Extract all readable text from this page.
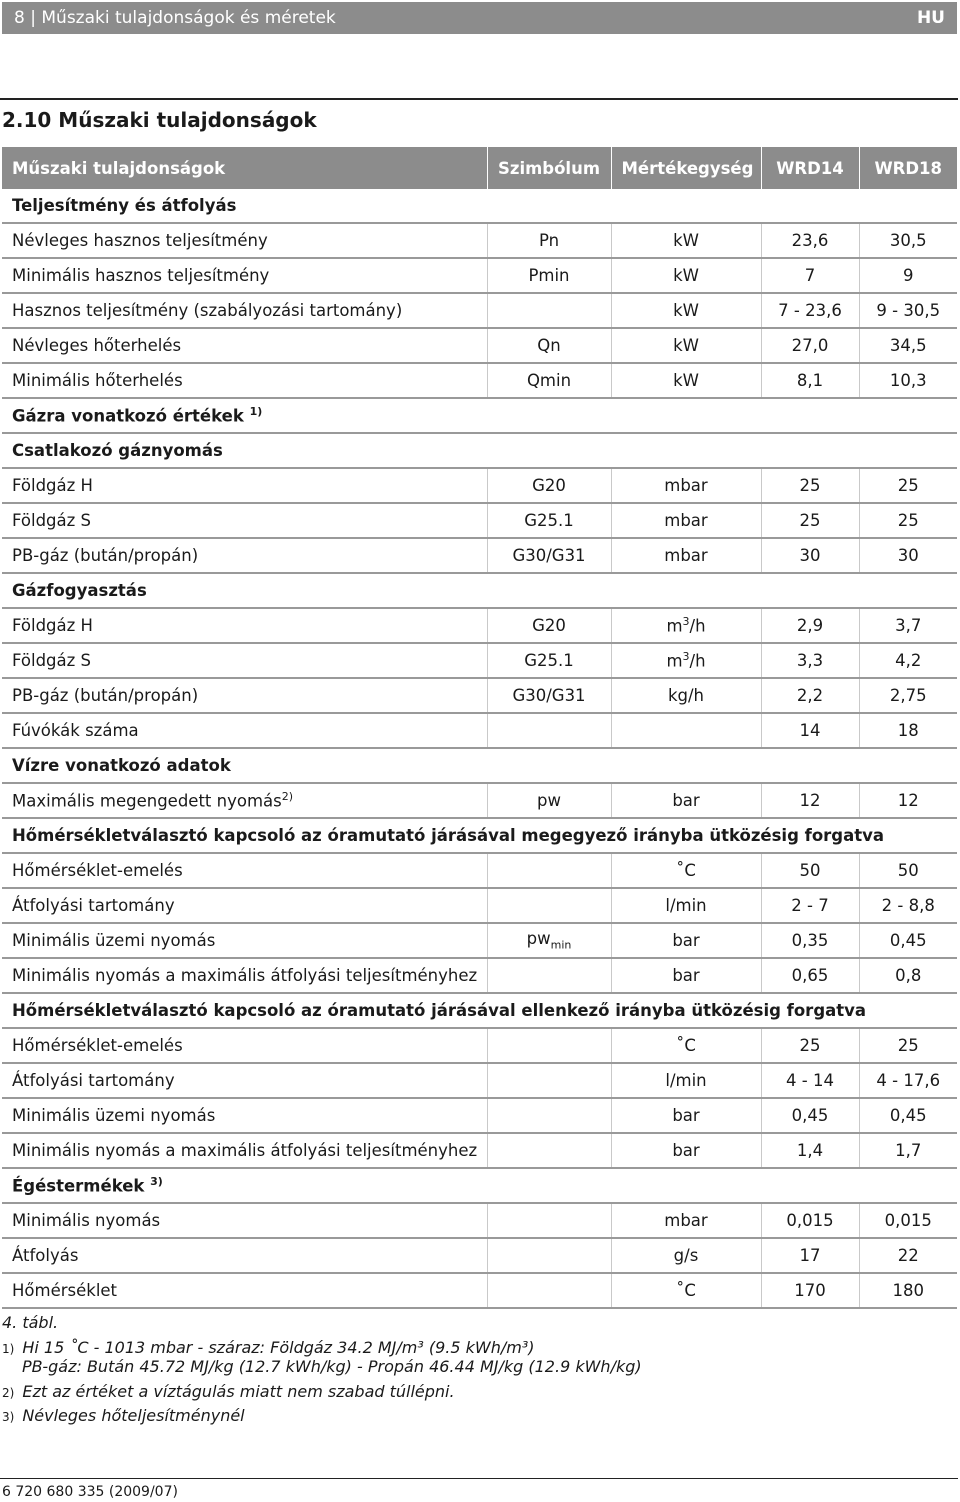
8 | Műszaki tulajdonságok és méretek	HU
2.10 Műszaki tulajdonságok
Műszaki tulajdonságok	Szimbólum	Mértékegység	WRD14	WRD18
Teljesítmény és átfolyás				
Névleges hasznos teljesítmény	Pn	kW	23,6	30,5
Minimális hasznos teljesítmény	Pmin	kW	7	9
Hasznos teljesítmény (szabályozási tartomány)		kW	7 - 23,6	9 - 30,5
Névleges hőterhelés	Qn	kW	27,0	34,5
Minimális hőterhelés	Qmin	kW	8,1	10,3
Gázra vonatkozó értékek $^{1)}$
Csatlakozó gáznyomás				
Földgáz H	G20	mbar	25	25
Földgáz S	G25.1	mbar	25	25
PB-gáz (bután/propán)	G30/G31	mbar	30	30
Gázfogyasztás				
Földgáz H	G20	$m^3/h$	2,9	3,7
Földgáz S	G25.1	$m^3/h$	3,3	4,2
PB-gáz (bután/propán)	G30/G31	kg/h	2,2	2,75
Fúvókák száma			14	18
Vízre vonatkozó adatok				
Maximális megengedett nyomás$^{2)}$	pw	bar	12	12
Hőmérsékletválasztó kapcsoló az óramutató járásával megegyező irányba ütközésig forgatva				
Hőmérséklet-emelés		˚C	50	50
Átfolyási tartomány		l/min	2 - 7	2 - 8,8
Minimális üzemi nyomás	$pw_{min}$	bar	0,35	0,45
Minimális nyomás a maximális átfolyási teljesítményhez		bar	0,65	0,8
Hőmérsékletválasztó kapcsoló az óramutató járásával ellenkező irányba ütközésig forgatva				
Hőmérséklet-emelés		˚C	25	25
Átfolyási tartomány		l/min	4 - 14	4 - 17,6
Minimális üzemi nyomás		bar	0,45	0,45
Minimális nyomás a maximális átfolyási teljesítményhez		bar	1,4	1,7
Égéstermékek $^{3)}$
Minimális nyomás		mbar	0,015	0,015
Átfolyás		g/s	17	22
Hőmérséklet		˚C	170	180
4. tábl.
1) Hi 15 ˚C - 1013 mbar - száraz: Földgáz 34.2 MJ/m³ (9.5 kWh/m³)
PB-gáz: Bután 45.72 MJ/kg (12.7 kWh/kg) - Propán 46.44 MJ/kg (12.9 kWh/kg)
2) Ezt az értéket a víztágulás miatt nem szabad túllépni.
3) Névleges hőteljesítménynél
6 720 680 335 (2009/07)
